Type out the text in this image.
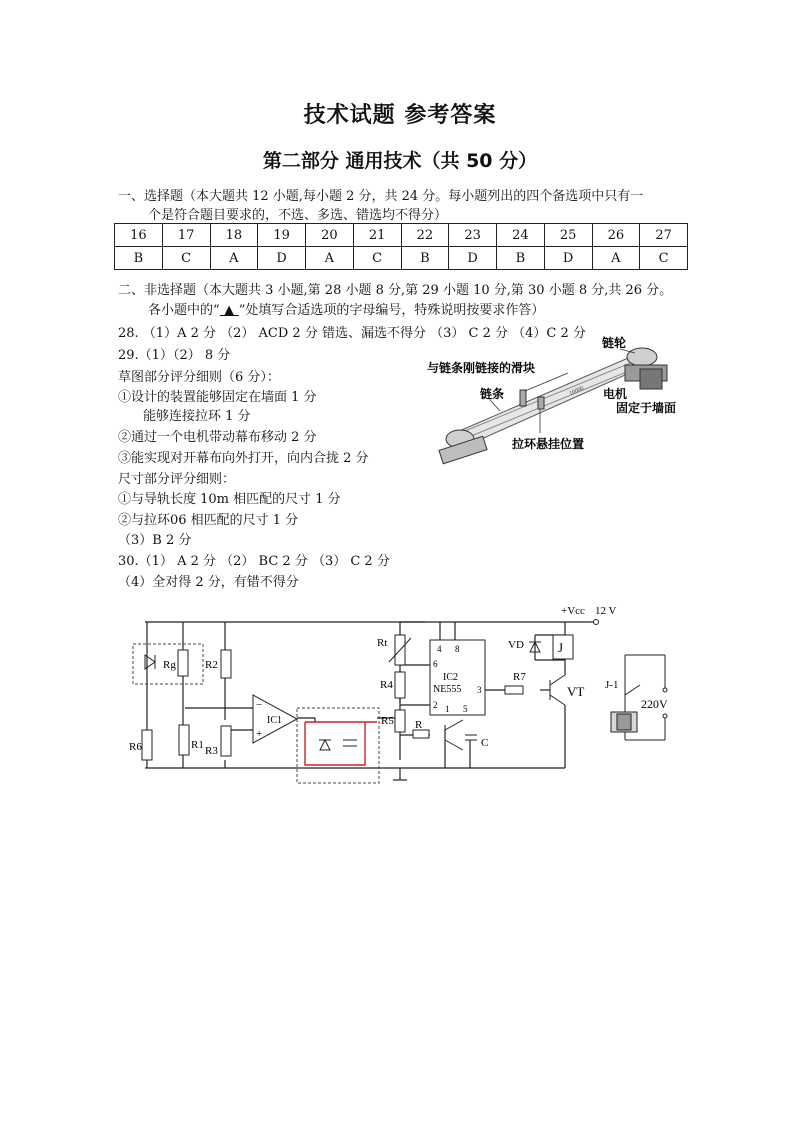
技术试题 参考答案
第二部分 通用技术（共 50 分）
一、选择题（本大题共 12 小题,每小题 2 分，共 24 分。每小题列出的四个备选项中只有一
个是符合题目要求的，不选、多选、错选均不得分）
16	17	18	19	20	21	22	23	24	25	26	27
B	C	A	D	A	C	B	D	B	D	A	C
二、非选择题（本大题共 3 小题,第 28 小题 8 分,第 29 小题 10 分,第 30 小题 8 分,共 26 分。
各小题中的“ ▲ ”处填写合适选项的字母编号，特殊说明按要求作答）
28. （1）A 2 分 （2） ACD 2 分 错选、漏选不得分 （3） C 2 分 （4）C 2 分
29.（1）（2） 8 分
草图部分评分细则（6 分）：
①设计的装置能够固定在墙面 1 分
能够连接拉环 1 分
②通过一个电机带动幕布移动 2 分
③能实现对开幕布向外打开，向内合拢 2 分
尺寸部分评分细则：
①与导轨长度 10m 相匹配的尺寸 1 分
②与拉环06 相匹配的尺寸 1 分
（3）B 2 分
30.（1） A 2 分 （2） BC 2 分 （3） C 2 分
（4）全对得 2 分，有错不得分
10000
链轮
与链条刚链接的滑块
链条	电机
固定于墙面
拉环悬挂位置
R6
Rg
R1
R2
R3
−
+
IC1
Rt
R4
R5 R
C
IC2
NE555
4 8
6
3
2 1 5
R7
VT
VD	J
+Vcc 12 V
J-1
220V
